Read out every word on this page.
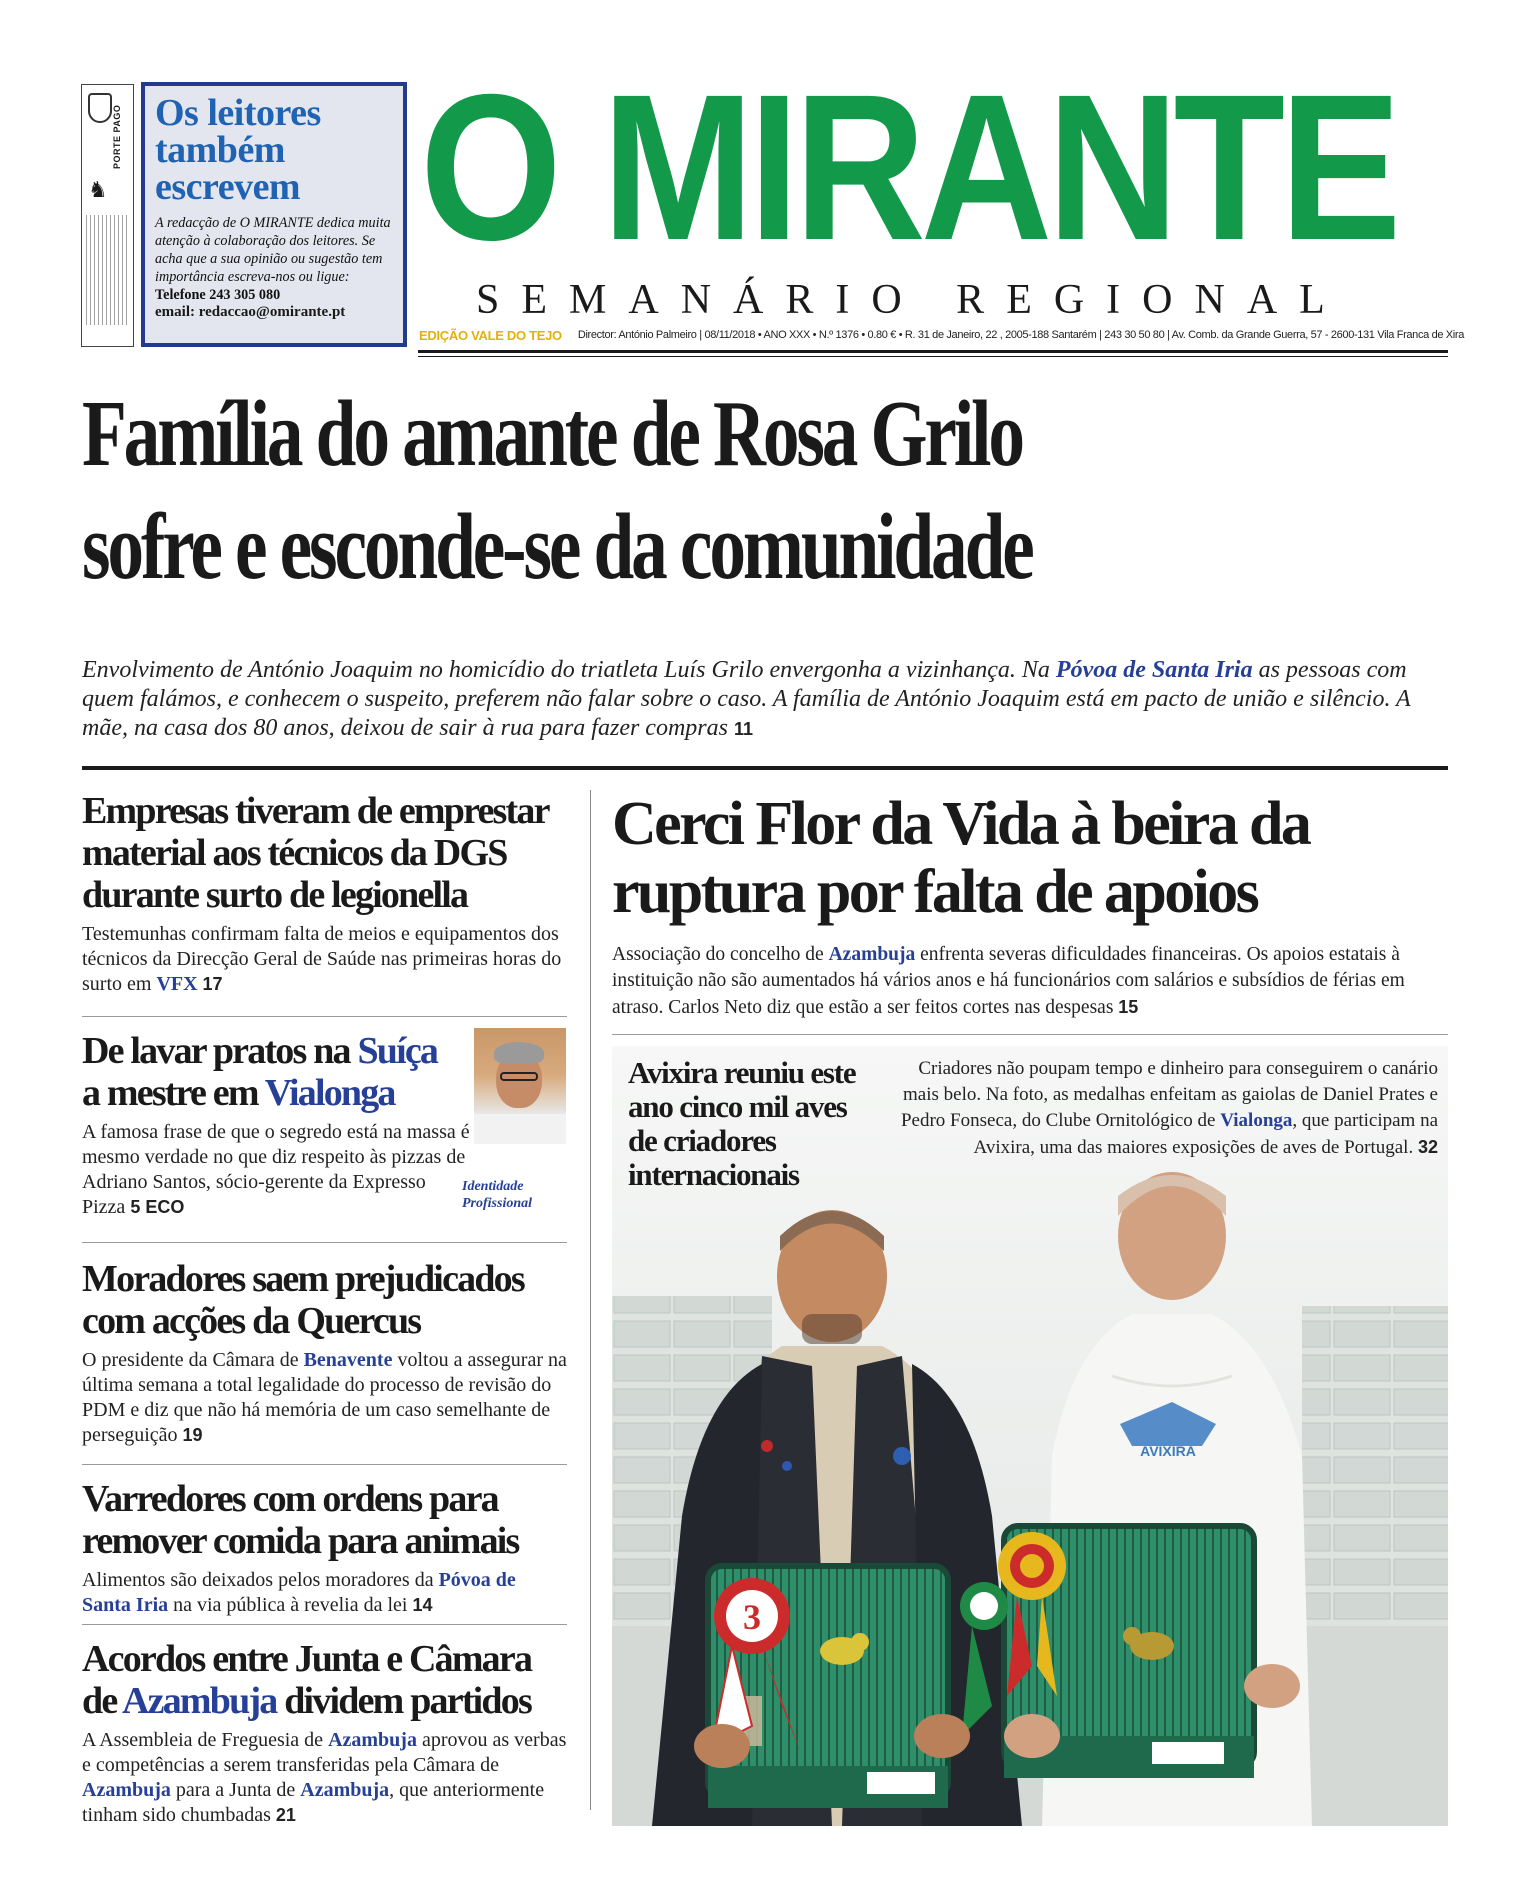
PORTE PAGO
♞
Os leitores também escrevem
A redacção de O MIRANTE dedica muita atenção à colaboração dos leitores. Se acha que a sua opinião ou sugestão tem importância escreva-nos ou ligue: Telefone 243 305 080
email: redaccao@omirante.pt
O MIRANTE
SEMANÁRIO REGIONAL
EDIÇÃO VALE DO TEJO Director: António Palmeiro | 08/11/2018 • ANO XXX • N.º 1376 • 0.80 € • R. 31 de Janeiro, 22 , 2005-188 Santarém | 243 30 50 80 | Av. Comb. da Grande Guerra, 57 - 2600-131 Vila Franca de Xira
Família do amante de Rosa Grilo
sofre e esconde-se da comunidade
Envolvimento de António Joaquim no homicídio do triatleta Luís Grilo envergonha a vizinhança. Na Póvoa de Santa Iria as pessoas com quem falámos, e conhecem o suspeito, preferem não falar sobre o caso. A família de António Joaquim está em pacto de união e silêncio. A mãe, na casa dos 80 anos, deixou de sair à rua para fazer compras 11
Empresas tiveram de emprestar material aos técnicos da DGS durante surto de legionella

Testemunhas confirmam falta de meios e equipamentos dos técnicos da Direcção Geral de Saúde nas primeiras horas do surto em VFX 17

De lavar pratos na Suíça
a mestre em Vialonga

A famosa frase de que o segredo está na massa é mesmo verdade no que diz respeito às pizzas de Adriano Santos, sócio-gerente da Expresso Pizza 5 ECO

Identidade Profissional
Moradores saem prejudicados com acções da Quercus

O presidente da Câmara de Benavente voltou a assegurar na última semana a total legalidade do processo de revisão do PDM e diz que não há memória de um caso semelhante de perseguição 19

Varredores com ordens para remover comida para animais

Alimentos são deixados pelos moradores da Póvoa de Santa Iria na via pública à revelia da lei 14

Acordos entre Junta e Câmara de Azambuja dividem partidos

A Assembleia de Freguesia de Azambuja aprovou as verbas e competências a serem transferidas pela Câmara de Azambuja para a Junta de Azambuja, que anteriormente tinham sido chumbadas 21

Cerci Flor da Vida à beira da ruptura por falta de apoios
Associação do concelho de Azambuja enfrenta severas dificuldades financeiras. Os apoios estatais à instituição não são aumentados há vários anos e há funcionários com salários e subsídios de férias em atraso. Carlos Neto diz que estão a ser feitos cortes nas despesas 15
AVIXIRA
3
Avixira reuniu este ano cinco mil aves de criadores internacionais
Criadores não poupam tempo e dinheiro para conseguirem o canário mais belo. Na foto, as medalhas enfeitam as gaiolas de Daniel Prates e Pedro Fonseca, do Clube Ornitológico de Vialonga, que participam na Avixira, uma das maiores exposições de aves de Portugal. 32
